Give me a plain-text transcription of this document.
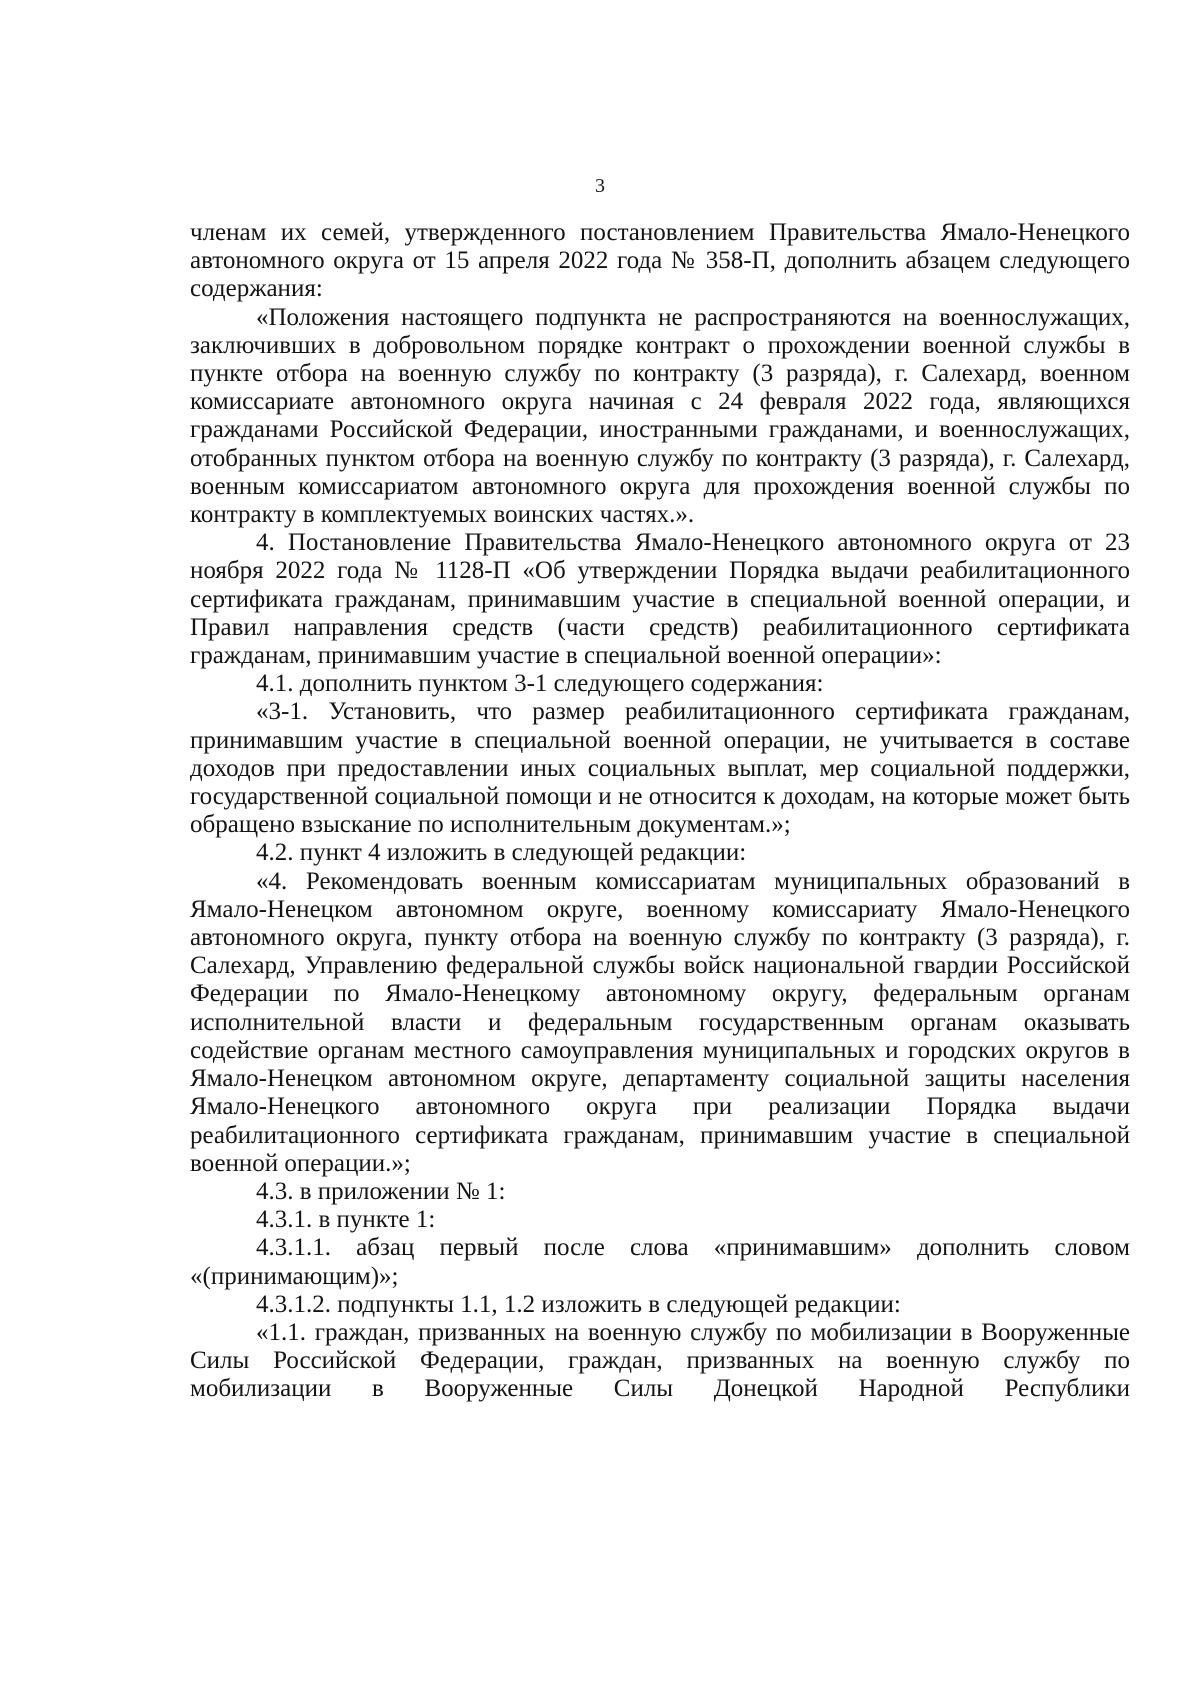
3

членам их семей, утвержденного постановлением Правительства Ямало-Ненецкого автономного округа от 15 апреля 2022 года № 358-П, дополнить абзацем следующего содержания:

«Положения настоящего подпункта не распространяются на военнослужащих, заключивших в добровольном порядке контракт о прохождении военной службы в пункте отбора на военную службу по контракту (3 разряда), г. Салехард, военном комиссариате автономного округа начиная с 24 февраля 2022 года, являющихся гражданами Российской Федерации, иностранными гражданами, и военнослужащих, отобранных пунктом отбора на военную службу по контракту (3 разряда), г. Салехард, военным комиссариатом автономного округа для прохождения военной службы по контракту в комплектуемых воинских частях.».

4. Постановление Правительства Ямало-Ненецкого автономного округа от 23 ноября 2022 года № 1128-П «Об утверждении Порядка выдачи реабилитационного сертификата гражданам, принимавшим участие в специальной военной операции, и Правил направления средств (части средств) реабилитационного сертификата гражданам, принимавшим участие в специальной военной операции»:

4.1. дополнить пунктом 3-1 следующего содержания:

«3-1. Установить, что размер реабилитационного сертификата гражданам, принимавшим участие в специальной военной операции, не учитывается в составе доходов при предоставлении иных социальных выплат, мер социальной поддержки, государственной социальной помощи и не относится к доходам, на которые может быть обращено взыскание по исполнительным документам.»;

4.2. пункт 4 изложить в следующей редакции:

«4. Рекомендовать военным комиссариатам муниципальных образований в Ямало-Ненецком автономном округе, военному комиссариату Ямало-Ненецкого автономного округа, пункту отбора на военную службу по контракту (3 разряда), г. Салехард, Управлению федеральной службы войск национальной гвардии Российской Федерации по Ямало-Ненецкому автономному округу, федеральным органам исполнительной власти и федеральным государственным органам оказывать содействие органам местного самоуправления муниципальных и городских округов в Ямало-Ненецком автономном округе, департаменту социальной защиты населения Ямало-Ненецкого автономного округа при реализации Порядка выдачи реабилитационного сертификата гражданам, принимавшим участие в специальной военной операции.»;

4.3. в приложении № 1:

4.3.1. в пункте 1:

4.3.1.1. абзац первый после слова «принимавшим» дополнить словом «(принимающим)»;

4.3.1.2. подпункты 1.1, 1.2 изложить в следующей редакции:

«1.1. граждан, призванных на военную службу по мобилизации в Вооруженные Силы Российской Федерации, граждан, призванных на военную службу по мобилизации в Вооруженные Силы Донецкой Народной Республики
